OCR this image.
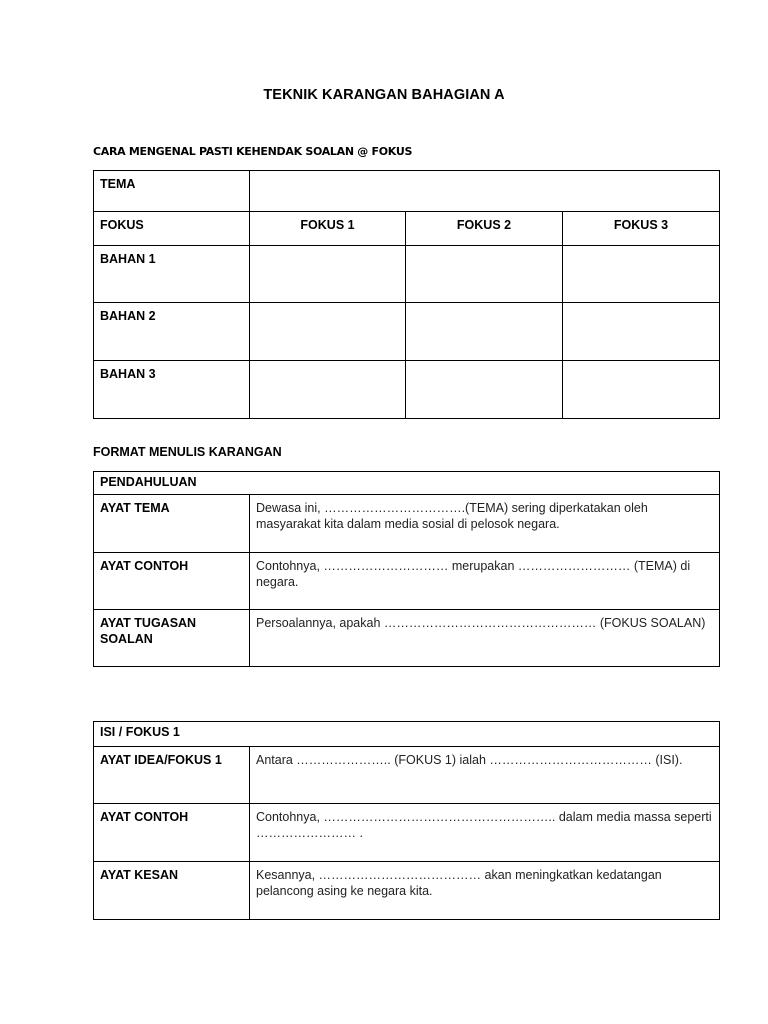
TEKNIK KARANGAN BAHAGIAN A
CARA MENGENAL PASTI KEHENDAK SOALAN @ FOKUS
TEMA			
FOKUS	FOKUS 1	FOKUS 2	FOKUS 3
BAHAN 1			
BAHAN 2			
BAHAN 3			
FORMAT MENULIS KARANGAN
PENDAHULUAN	
AYAT TEMA	Dewasa ini, …………………………….(TEMA) sering diperkatakan oleh masyarakat kita dalam media sosial di pelosok negara.
AYAT CONTOH	Contohnya, ………………………… merupakan ……………………… (TEMA) di negara.
AYAT TUGASAN SOALAN	Persoalannya, apakah …………………………………………… (FOKUS SOALAN)
ISI / FOKUS 1	
AYAT IDEA/FOKUS 1	Antara ………………….. (FOKUS 1) ialah ………………………………… (ISI).
AYAT CONTOH	Contohnya, ……………………………………………….. dalam media massa seperti …………………… .
AYAT KESAN	Kesannya, ………………………………… akan meningkatkan kedatangan pelancong asing ke negara kita.
